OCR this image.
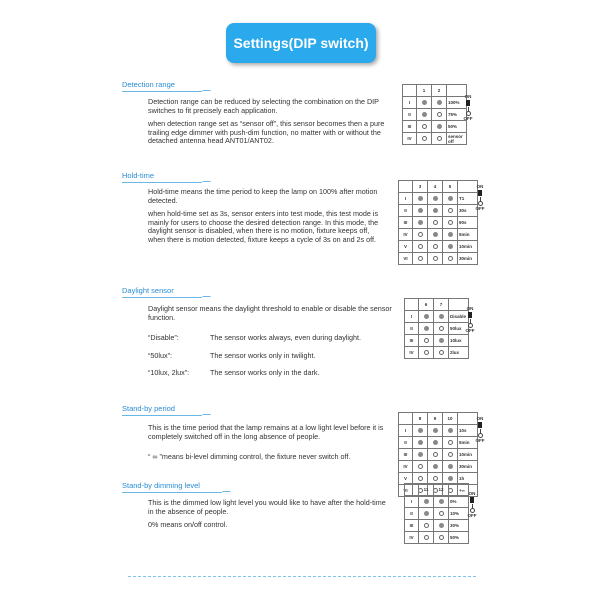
Settings(DIP switch)
Detection range

Detection range can be reduced by selecting the combination on the DIP switches to fit precisely each application.

when detection range set as “sensor off”, this sensor becomes then a pure trailing edge dimmer with push-dim function, no matter with or without the detached antenna head ANT01/ANT02.

	1	2	
I			100%
II			75%
III			50%
IV			sensor off
ON
OFF
Hold-time

Hold-time means the time period to keep the lamp on 100% after motion detected.

when hold-time set as 3s, sensor enters into test mode, this test mode is mainly for users to choose the desired detection range. In this mode, the daylight sensor is disabled, when there is no motion, fixture keeps off, when there is motion detected, fixture keeps a cycle of 3s on and 2s off.

	3	4	5	
I				T1
II				30s
III				90s
IV				5min
V				10min
VI				30min
ON
OFF
Daylight sensor

Daylight sensor means the daylight threshold to enable or disable the sensor function.

“Disable”:	The sensor works always, even during daylight.
“50lux”:	The sensor works only in twilight.
“10lux, 2lux”:	The sensor works only in the dark.
	6	7	
I			Disable
II			50lux
III			10lux
IV			2lux
ON
OFF
Stand-by period

This is the time period that the lamp remains at a low light level before it is completely switched off in the long absence of people.

“ ∞ ”means bi-level dimming control, the fixture never switch off.

	8	9	10	
I				10s
II				5min
III				10min
IV				30min
V				1h
VI				+∞
ON
OFF
Stand-by dimming level

This is the dimmed low light level you would like to have after the hold-time in the absence of people.

0% means on/off control.

	11	12	
I			0%
II			10%
III			30%
IV			50%
ON
OFF
